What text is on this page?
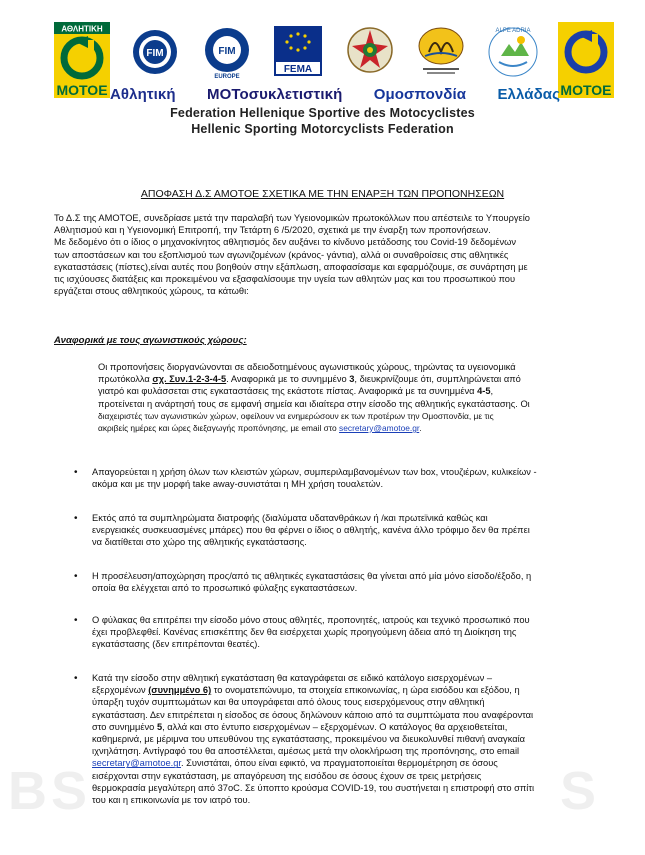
ΑΘΛΗΤΙΚΗ
ΜΟΤΟΕ
FIM	FIM
EUROPE
FEMA
ALPE ADRIA
ΜΟΤΟΕ
Αθλητική ΜΟΤοσυκλετιστική Ομοσπονδία Ελλάδας
Federation Hellenique Sportive des Motocyclistes
Hellenic Sporting Motorcyclists Federation
ΑΠΟΦΑΣΗ Δ.Σ ΑΜΟΤΟΕ ΣΧΕΤΙΚΑ ΜΕ ΤΗΝ ΕΝΑΡΞΗ ΤΩΝ ΠΡΟΠΟΝΗΣΕΩΝ
Το Δ.Σ της ΑΜΟΤΟΕ, συνεδρίασε μετά την παραλαβή των Υγειονομικών πρωτοκόλλων που απέστειλε το Υπουργείο
Αθλητισμού και η Υγειονομική Επιτροπή, την Τετάρτη 6 /5/2020, σχετικά με την έναρξη των προπονήσεων.
Με δεδομένο ότι ο ίδιος ο μηχανοκίνητος αθλητισμός δεν αυξάνει το κίνδυνο μετάδοσης του Covid-19 δεδομένων
των αποστάσεων και του εξοπλισμού των αγωνιζομένων (κράνος- γάντια), αλλά οι συναθροίσεις στις αθλητικές
εγκαταστάσεις (πίστες),είναι αυτές που βοηθούν στην εξάπλωση, αποφασίσαμε και εφαρμόζουμε, σε συνάρτηση με
τις ισχύουσες διατάξεις και προκειμένου να εξασφαλίσουμε την υγεία των αθλητών μας και του προσωπικού που
εργάζεται στους αθλητικούς χώρους, τα κάτωθι:
Αναφορικά με τους αγωνιστικούς χώρους:
Οι προπονήσεις διοργανώνονται σε αδειοδοτημένους αγωνιστικούς χώρους, τηρώντας τα υγειονομικά
πρωτόκολλα σχ. Συν.1-2-3-4-5. Αναφορικά με το συνημμένο 3, διευκρινίζουμε ότι, συμπληρώνεται από
γιατρό και φυλάσσεται στις εγκαταστάσεις της εκάστοτε πίστας. Αναφορικά με τα συνημμένα 4-5,
προτείνεται η ανάρτησή τους σε εμφανή σημεία και ιδιαίτερα στην είσοδο της αθλητικής εγκατάστασης. Οι
διαχειριστές των αγωνιστικών χώρων, οφείλουν να ενημερώσουν εκ των προτέρων την Ομοσπονδία, με τις
ακριβείς ημέρες και ώρες διεξαγωγής προπόνησης, με email στο secretary@amotoe.gr.
• Απαγορεύεται η χρήση όλων των κλειστών χώρων, συμπεριλαμβανομένων των box, ντουζιέρων, κυλικείων -
ακόμα και με την μορφή take away-συνιστάται η ΜΗ χρήση τουαλετών.
• Εκτός από τα συμπληρώματα διατροφής (διαλύματα υδατανθράκων ή /και πρωτεϊνικά καθώς και
ενεργειακές συσκευασμένες μπάρες) που θα φέρνει ο ίδιος ο αθλητής, κανένα άλλο τρόφιμο δεν θα πρέπει
να διατίθεται στο χώρο της αθλητικής εγκατάστασης.
• Η προσέλευση/αποχώρηση προς/από τις αθλητικές εγκαταστάσεις θα γίνεται από μία μόνο είσοδο/έξοδο, η
οποία θα ελέγχεται από το προσωπικό φύλαξης εγκαταστάσεων.
• Ο φύλακας θα επιτρέπει την είσοδο μόνο στους αθλητές, προπονητές, ιατρούς και τεχνικό προσωπικό που
έχει προβλεφθεί. Κανένας επισκέπτης δεν θα εισέρχεται χωρίς προηγούμενη άδεια από τη Διοίκηση της
εγκατάστασης (δεν επιτρέπονται θεατές).
• Κατά την είσοδο στην αθλητική εγκατάσταση θα καταγράφεται σε ειδικό κατάλογο εισερχομένων –
εξερχομένων (συνημμένο 6) το ονοματεπώνυμο, τα στοιχεία επικοινωνίας, η ώρα εισόδου και εξόδου, η
ύπαρξη τυχόν συμπτωμάτων και θα υπογράφεται από όλους τους εισερχόμενους στην αθλητική
εγκατάσταση. Δεν επιτρέπεται η είσοδος σε όσους δηλώνουν κάποιο από τα συμπτώματα που αναφέρονται
στο συνημμένο 5, αλλά και στο έντυπο εισερχομένων – εξερχομένων. Ο κατάλογος θα αρχειοθετείται,
καθημερινά, με μέριμνα του υπευθύνου της εγκατάστασης, προκειμένου να διευκολυνθεί πιθανή αναγκαία
ιχνηλάτηση. Αντίγραφό του θα αποστέλλεται, αμέσως μετά την ολοκλήρωση της προπόνησης, στο email
secretary@amotoe.gr. Συνιστάται, όπου είναι εφικτό, να πραγματοποιείται θερμομέτρηση σε όσους
εισέρχονται στην εγκατάσταση, με απαγόρευση της εισόδου σε όσους έχουν σε τρεις μετρήσεις
θερμοκρασία μεγαλύτερη από 37oC. Σε ύποπτο κρούσμα COVID-19, του συστήνεται η επιστροφή στο σπίτι
του και η επικοινωνία με τον ιατρό του.
BS	S
